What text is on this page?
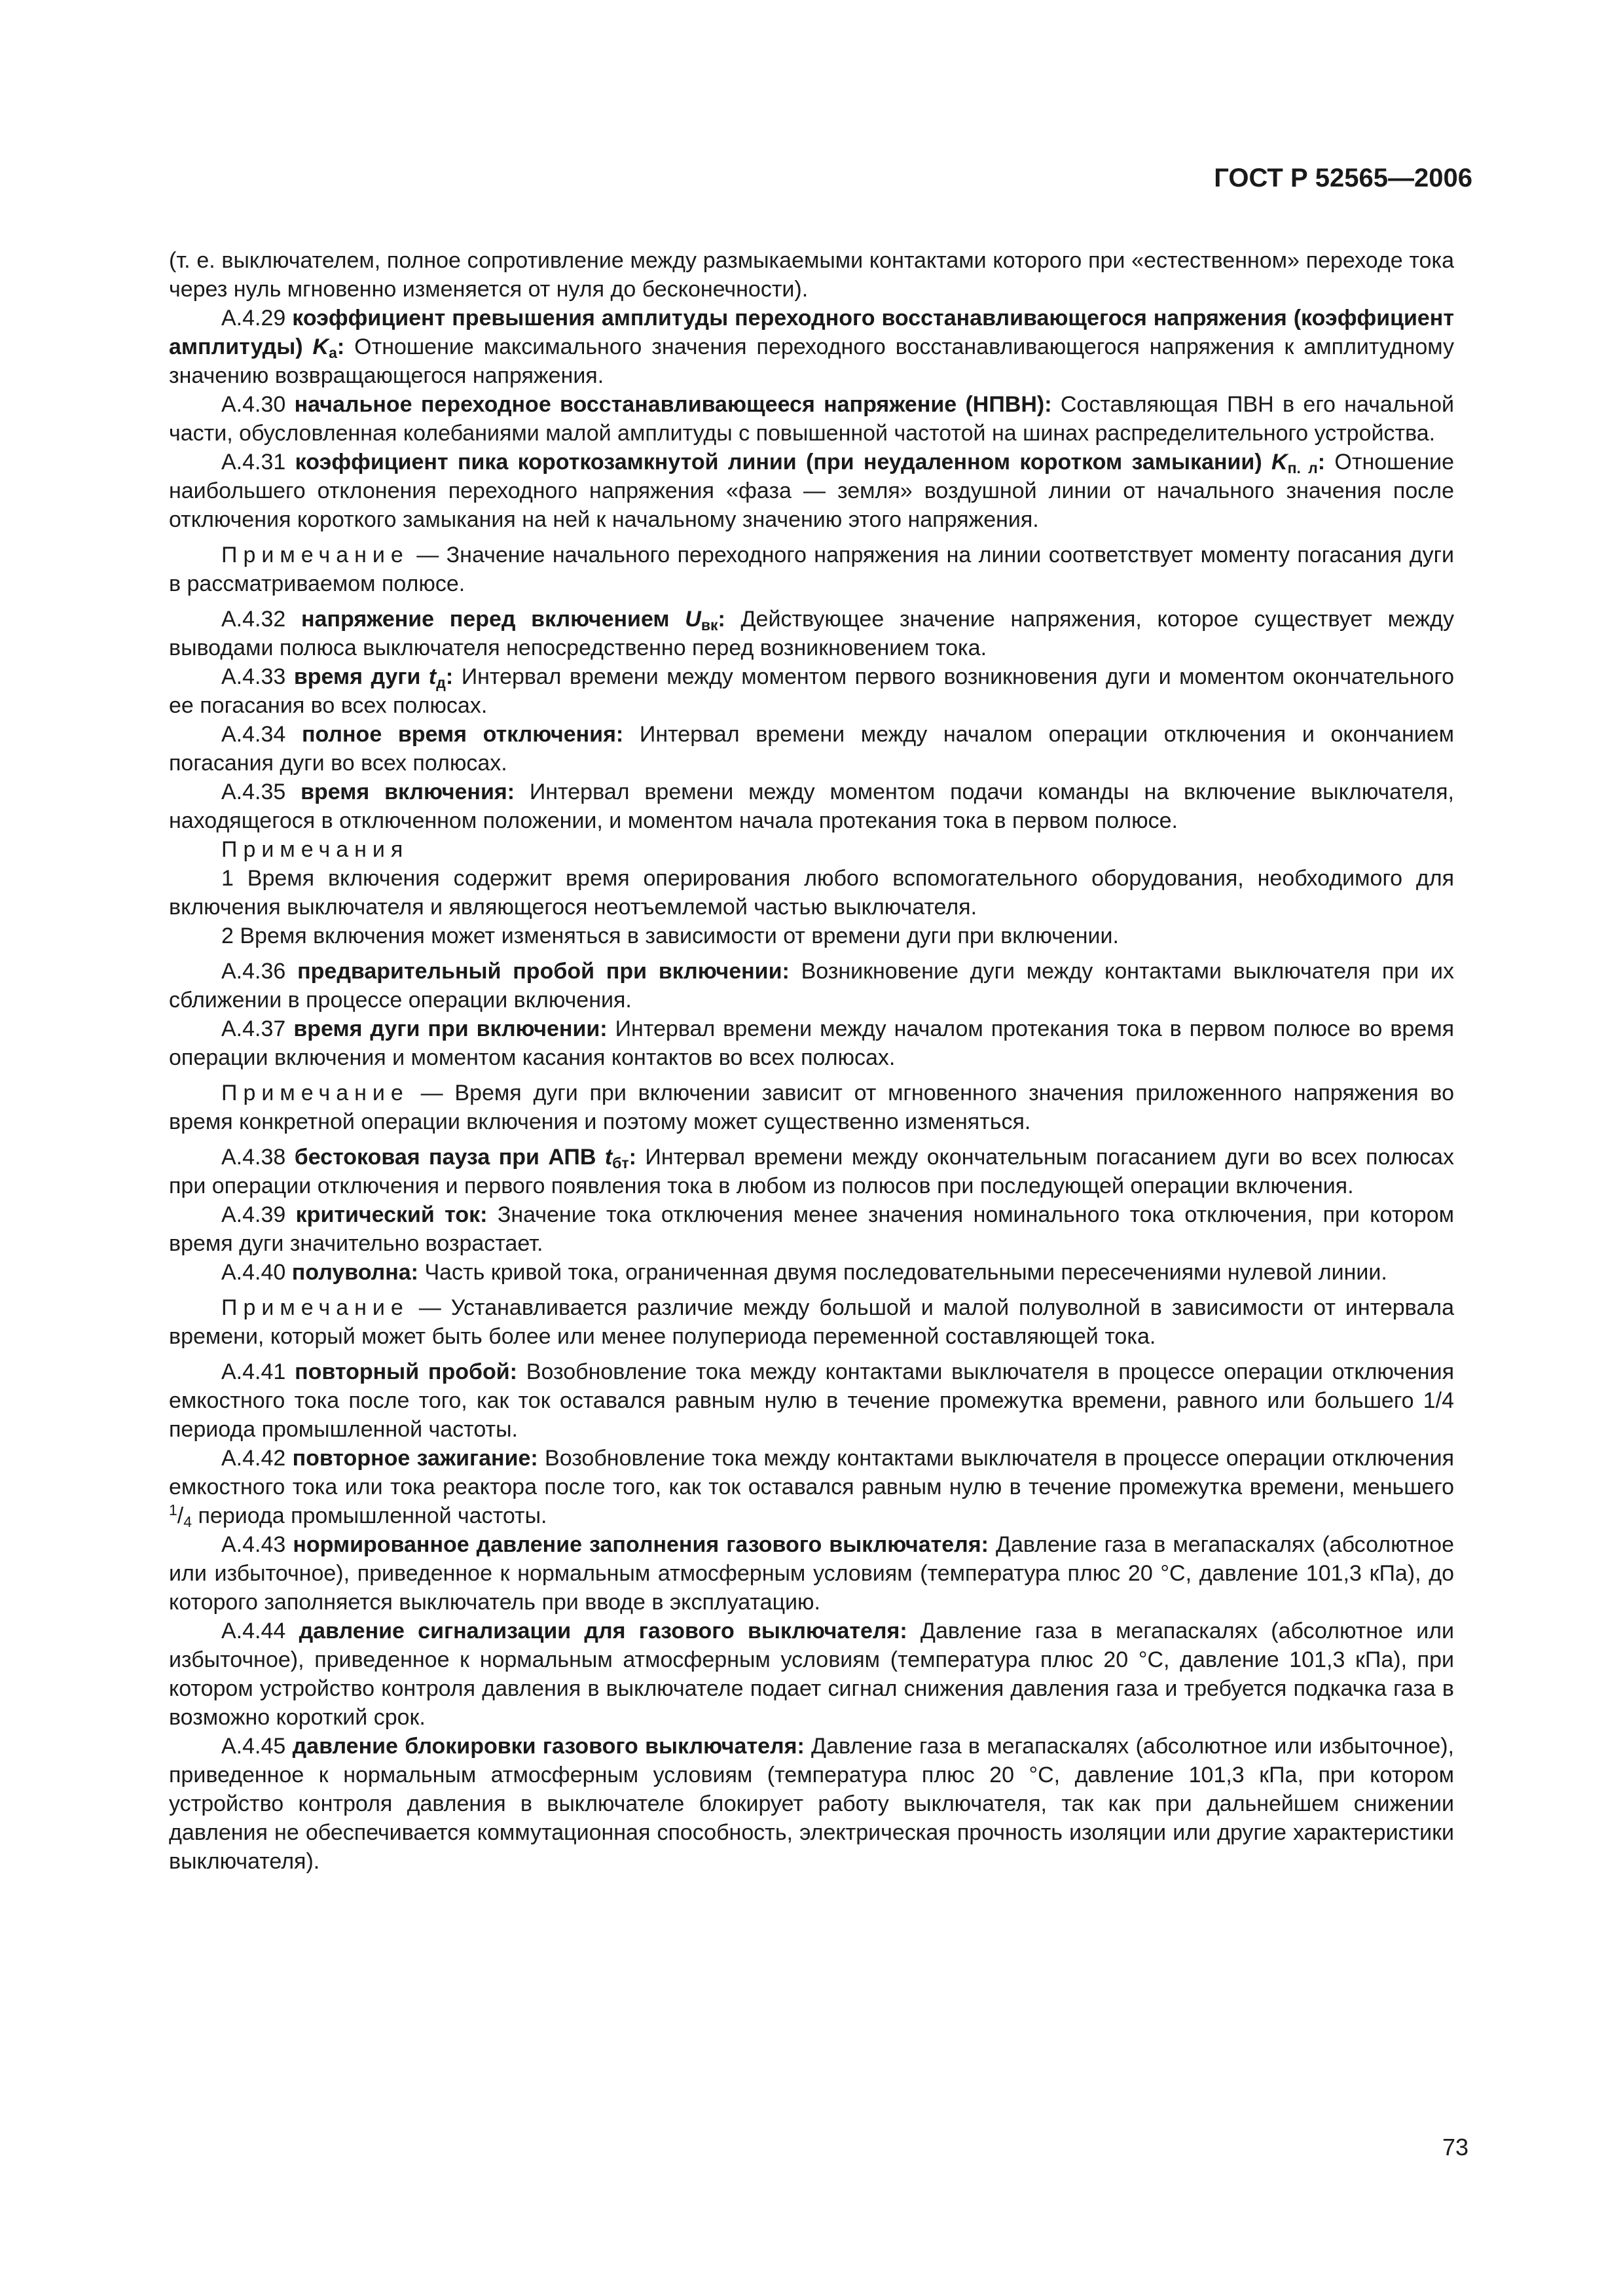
ГОСТ Р 52565—2006

(т. е. выключателем, полное сопротивление между размыкаемыми контактами которого при «естественном» переходе тока через нуль мгновенно изменяется от нуля до бесконечности).

А.4.29 коэффициент превышения амплитуды переходного восстанавливающегося напряжения (коэффициент амплитуды) $K_а$: Отношение максимального значения переходного восстанавливающегося напряжения к амплитудному значению возвращающегося напряжения.

А.4.30 начальное переходное восстанавливающееся напряжение (НПВН): Составляющая ПВН в его начальной части, обусловленная колебаниями малой амплитуды с повышенной частотой на шинах распределительного устройства.

А.4.31 коэффициент пика короткозамкнутой линии (при неудаленном коротком замыкании) $K_{п. л}$: Отношение наибольшего отклонения переходного напряжения «фаза — земля» воздушной линии от начального значения после отключения короткого замыкания на ней к начальному значению этого напряжения.

Примечание — Значение начального переходного напряжения на линии соответствует моменту погасания дуги в рассматриваемом полюсе.

А.4.32 напряжение перед включением $U_{вк}$: Действующее значение напряжения, которое существует между выводами полюса выключателя непосредственно перед возникновением тока.

А.4.33 время дуги $t_д$: Интервал времени между моментом первого возникновения дуги и моментом окончательного ее погасания во всех полюсах.

А.4.34 полное время отключения: Интервал времени между началом операции отключения и окончанием погасания дуги во всех полюсах.

А.4.35 время включения: Интервал времени между моментом подачи команды на включение выключателя, находящегося в отключенном положении, и моментом начала протекания тока в первом полюсе.

Примечания

1 Время включения содержит время оперирования любого вспомогательного оборудования, необходимого для включения выключателя и являющегося неотъемлемой частью выключателя.

2 Время включения может изменяться в зависимости от времени дуги при включении.

А.4.36 предварительный пробой при включении: Возникновение дуги между контактами выключателя при их сближении в процессе операции включения.

А.4.37 время дуги при включении: Интервал времени между началом протекания тока в первом полюсе во время операции включения и моментом касания контактов во всех полюсах.

Примечание — Время дуги при включении зависит от мгновенного значения приложенного напряжения во время конкретной операции включения и поэтому может существенно изменяться.

А.4.38 бестоковая пауза при АПВ $t_{бт}$: Интервал времени между окончательным погасанием дуги во всех полюсах при операции отключения и первого появления тока в любом из полюсов при последующей операции включения.

А.4.39 критический ток: Значение тока отключения менее значения номинального тока отключения, при котором время дуги значительно возрастает.

А.4.40 полуволна: Часть кривой тока, ограниченная двумя последовательными пересечениями нулевой линии.

Примечание — Устанавливается различие между большой и малой полуволной в зависимости от интервала времени, который может быть более или менее полупериода переменной составляющей тока.

А.4.41 повторный пробой: Возобновление тока между контактами выключателя в процессе операции отключения емкостного тока после того, как ток оставался равным нулю в течение промежутка времени, равного или большего 1/4 периода промышленной частоты.

А.4.42 повторное зажигание: Возобновление тока между контактами выключателя в процессе операции отключения емкостного тока или тока реактора после того, как ток оставался равным нулю в течение промежутка времени, меньшего $^1/_4$ периода промышленной частоты.

А.4.43 нормированное давление заполнения газового выключателя: Давление газа в мегапаскалях (абсолютное или избыточное), приведенное к нормальным атмосферным условиям (температура плюс 20 °С, давление 101,3 кПа), до которого заполняется выключатель при вводе в эксплуатацию.

А.4.44 давление сигнализации для газового выключателя: Давление газа в мегапаскалях (абсолютное или избыточное), приведенное к нормальным атмосферным условиям (температура плюс 20 °С, давление 101,3 кПа), при котором устройство контроля давления в выключателе подает сигнал снижения давления газа и требуется подкачка газа в возможно короткий срок.

А.4.45 давление блокировки газового выключателя: Давление газа в мегапаскалях (абсолютное или избыточное), приведенное к нормальным атмосферным условиям (температура плюс 20 °С, давление 101,3 кПа, при котором устройство контроля давления в выключателе блокирует работу выключателя, так как при дальнейшем снижении давления не обеспечивается коммутационная способность, электрическая прочность изоляции или другие характеристики выключателя).

73
